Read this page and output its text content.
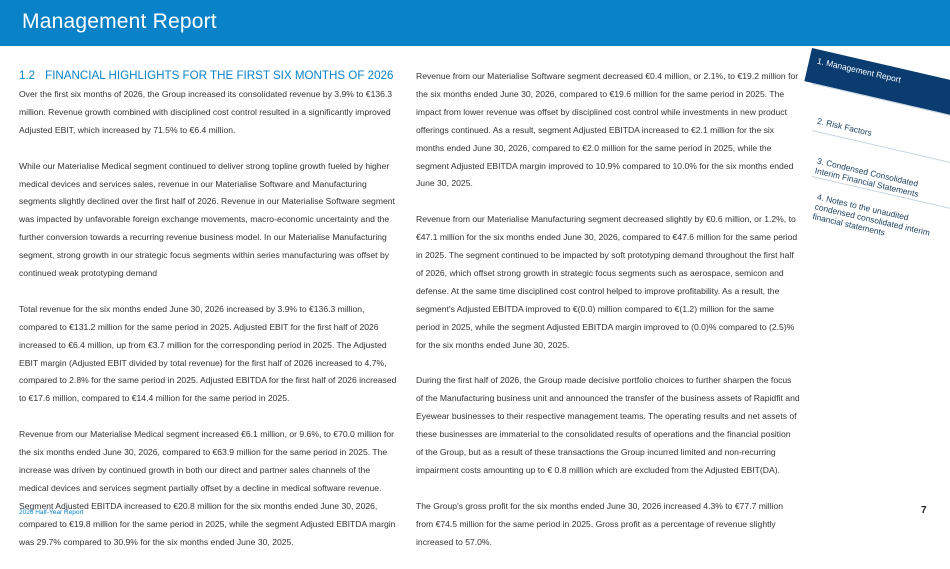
Management Report
1.2 FINANCIAL HIGHLIGHTS FOR THE FIRST SIX MONTHS OF 2026

Over the first six months of 2026, the Group increased its consolidated revenue by 3.9% to €136.3 million. Revenue growth combined with disciplined cost control resulted in a significantly improved Adjusted EBIT, which increased by 71.5% to €6.4 million.

While our Materialise Medical segment continued to deliver strong topline growth fueled by higher medical devices and services sales, revenue in our Materialise Software and Manufacturing segments slightly declined over the first half of 2026. Revenue in our Materialise Software segment was impacted by unfavorable foreign exchange movements, macro-economic uncertainty and the further conversion towards a recurring revenue business model. In our Materialise Manufacturing segment, strong growth in our strategic focus segments within series manufacturing was offset by continued weak prototyping demand

Total revenue for the six months ended June 30, 2026 increased by 3.9% to €136.3 million, compared to €131.2 million for the same period in 2025. Adjusted EBIT for the first half of 2026 increased to €6.4 million, up from €3.7 million for the corresponding period in 2025. The Adjusted EBIT margin (Adjusted EBIT divided by total revenue) for the first half of 2026 increased to 4.7%, compared to 2.8% for the same period in 2025. Adjusted EBITDA for the first half of 2026 increased to €17.6 million, compared to €14.4 million for the same period in 2025.

Revenue from our Materialise Medical segment increased €6.1 million, or 9.6%, to €70.0 million for the six months ended June 30, 2026, compared to €63.9 million for the same period in 2025. The increase was driven by continued growth in both our direct and partner sales channels of the medical devices and services segment partially offset by a decline in medical software revenue. Segment Adjusted EBITDA increased to €20.8 million for the six months ended June 30, 2026, compared to €19.8 million for the same period in 2025, while the segment Adjusted EBITDA margin was 29.7% compared to 30.9% for the six months ended June 30, 2025.

Revenue from our Materialise Software segment decreased €0.4 million, or 2.1%, to €19.2 million for the six months ended June 30, 2026, compared to €19.6 million for the same period in 2025. The impact from lower revenue was offset by disciplined cost control while investments in new product offerings continued. As a result, segment Adjusted EBITDA increased to €2.1 million for the six months ended June 30, 2026, compared to €2.0 million for the same period in 2025, while the segment Adjusted EBITDA margin improved to 10.9% compared to 10.0% for the six months ended June 30, 2025.

Revenue from our Materialise Manufacturing segment decreased slightly by €0.6 million, or 1.2%, to €47.1 million for the six months ended June 30, 2026, compared to €47.6 million for the same period in 2025. The segment continued to be impacted by soft prototyping demand throughout the first half of 2026, which offset strong growth in strategic focus segments such as aerospace, semicon and defense. At the same time disciplined cost control helped to improve profitability. As a result, the segment's Adjusted EBITDA improved to €(0.0) million compared to €(1.2) million for the same period in 2025, while the segment Adjusted EBITDA margin improved to (0.0)% compared to (2.5)% for the six months ended June 30, 2025.

During the first half of 2026, the Group made decisive portfolio choices to further sharpen the focus of the Manufacturing business unit and announced the transfer of the business assets of Rapidfit and Eyewear businesses to their respective management teams. The operating results and net assets of these businesses are immaterial to the consolidated results of operations and the financial position of the Group, but as a result of these transactions the Group incurred limited and non-recurring impairment costs amounting up to € 0.8 million which are excluded from the Adjusted EBIT(DA).

The Group's gross profit for the six months ended June 30, 2026 increased 4.3% to €77.7 million from €74.5 million for the same period in 2025. Gross profit as a percentage of revenue slightly increased to 57.0%.

1. Management Report
2. Risk Factors
3. Condensed Consolidated Interim Financial Statements
4. Notes to the unaudited condensed consolidated interim financial statements
2026 Half-Year Report	7
